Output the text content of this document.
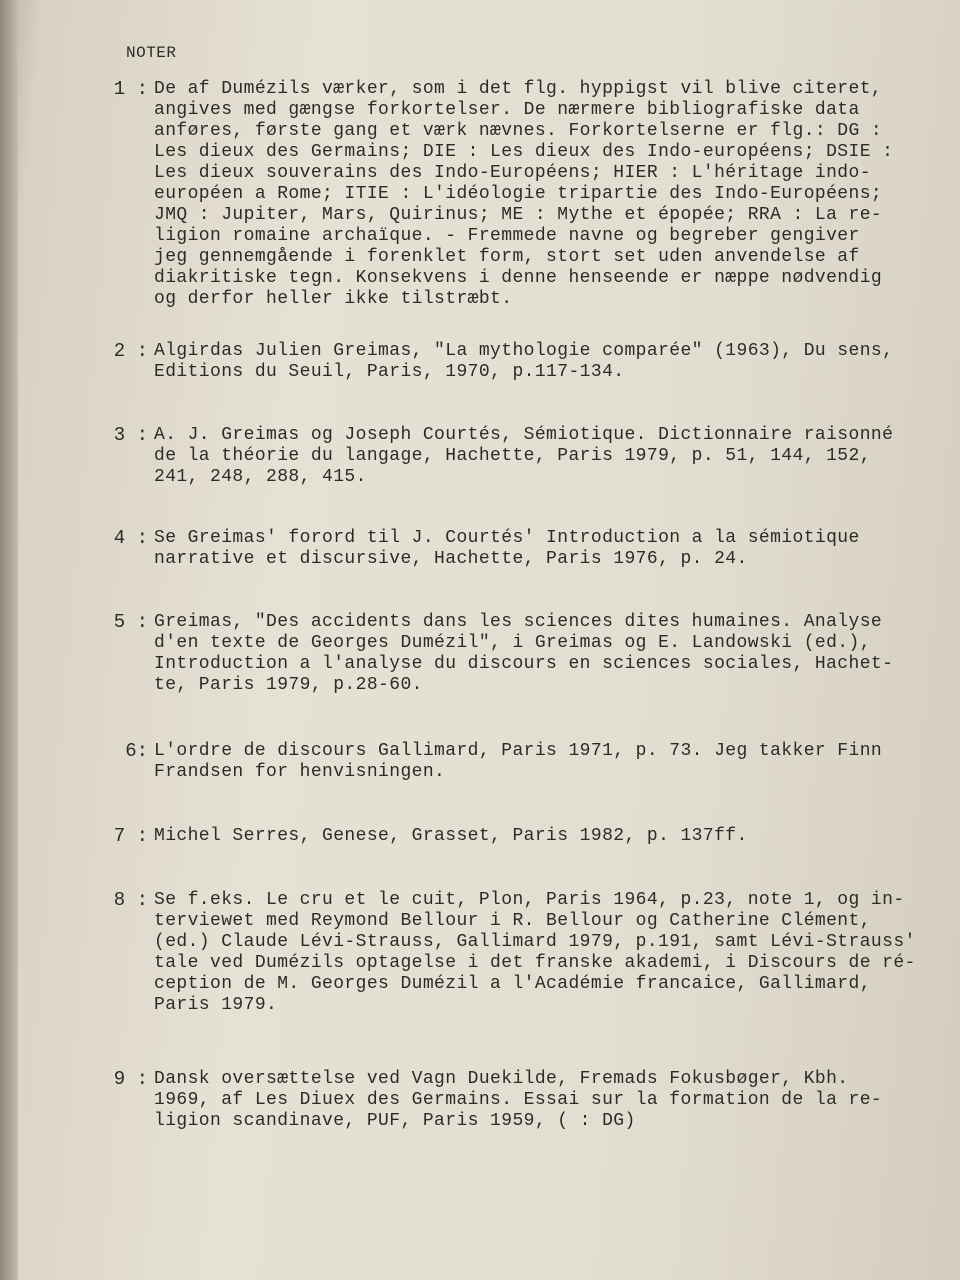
NOTER
1 : De af Dumézils værker, som i det flg. hyppigst vil blive citeret,
angives med gængse forkortelser. De nærmere bibliografiske data
anføres, første gang et værk nævnes. Forkortelserne er flg.: DG :
Les dieux des Germains; DIE : Les dieux des Indo-européens; DSIE :
Les dieux souverains des Indo-Européens; HIER : L'héritage indo-
européen a Rome; ITIE : L'idéologie tripartie des Indo-Européens;
JMQ : Jupiter, Mars, Quirinus; ME : Mythe et épopée; RRA : La re-
ligion romaine archaïque. - Fremmede navne og begreber gengiver
jeg gennemgående i forenklet form, stort set uden anvendelse af
diakritiske tegn. Konsekvens i denne henseende er næppe nødvendig
og derfor heller ikke tilstræbt.
2 : Algirdas Julien Greimas, "La mythologie comparée" (1963), Du sens,
Editions du Seuil, Paris, 1970, p.117-134.
3 : A. J. Greimas og Joseph Courtés, Sémiotique. Dictionnaire raisonné
de la théorie du langage, Hachette, Paris 1979, p. 51, 144, 152,
241, 248, 288, 415.
4 : Se Greimas' forord til J. Courtés' Introduction a la sémiotique
narrative et discursive, Hachette, Paris 1976, p. 24.
5 : Greimas, "Des accidents dans les sciences dites humaines. Analyse
d'en texte de Georges Dumézil", i Greimas og E. Landowski (ed.),
Introduction a l'analyse du discours en sciences sociales, Hachet-
te, Paris 1979, p.28-60.
6: L'ordre de discours Gallimard, Paris 1971, p. 73. Jeg takker Finn
Frandsen for henvisningen.
7 : Michel Serres, Genese, Grasset, Paris 1982, p. 137ff.
8 : Se f.eks. Le cru et le cuit, Plon, Paris 1964, p.23, note 1, og in-
terviewet med Reymond Bellour i R. Bellour og Catherine Clément,
(ed.) Claude Lévi-Strauss, Gallimard 1979, p.191, samt Lévi-Strauss'
tale ved Dumézils optagelse i det franske akademi, i Discours de ré-
ception de M. Georges Dumézil a l'Académie francaice, Gallimard,
Paris 1979.
9 : Dansk oversættelse ved Vagn Duekilde, Fremads Fokusbøger, Kbh.
1969, af Les Diuex des Germains. Essai sur la formation de la re-
ligion scandinave, PUF, Paris 1959, ( : DG)
